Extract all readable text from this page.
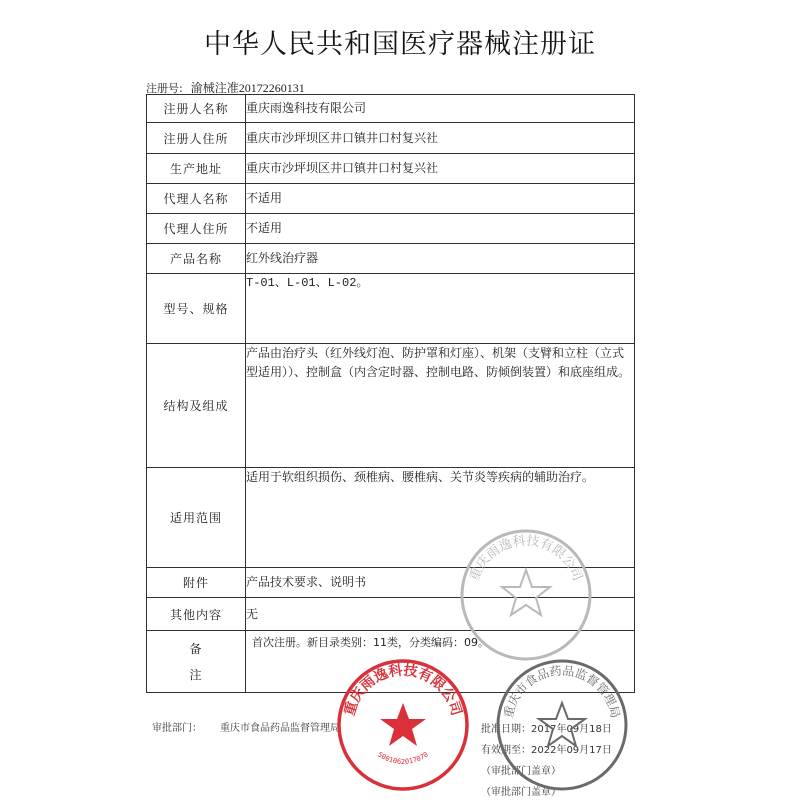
中华人民共和国医疗器械注册证
注册号: 渝械注准20172260131
注册人名称	重庆雨逸科技有限公司
注册人住所	重庆市沙坪坝区井口镇井口村复兴社
生产地址	重庆市沙坪坝区井口镇井口村复兴社
代理人名称	不适用
代理人住所	不适用
产品名称	红外线治疗器
型号、规格	T-01、L-01、L-02。
结构及组成	产品由治疗头（红外线灯泡、防护罩和灯座）、机架（支臂和立柱（立式型适用））、控制盒（内含定时器、控制电路、防倾倒装置）和底座组成。
适用范围	适用于软组织损伤、颈椎病、腰椎病、关节炎等疾病的辅助治疗。
附件	产品技术要求、说明书
其他内容	无

备
注	首次注册。新目录类别：11类，分类编码：09。
审批部门： 重庆市食品药品监督管理局	批准日期：2017年09月18日
有效期至：2022年09月17日
（审批部门盖章）
（审批部门盖章）
重庆雨逸科技有限公司
重庆雨逸科技有限公司
5001062017070
重庆市食品药品监督管理局
